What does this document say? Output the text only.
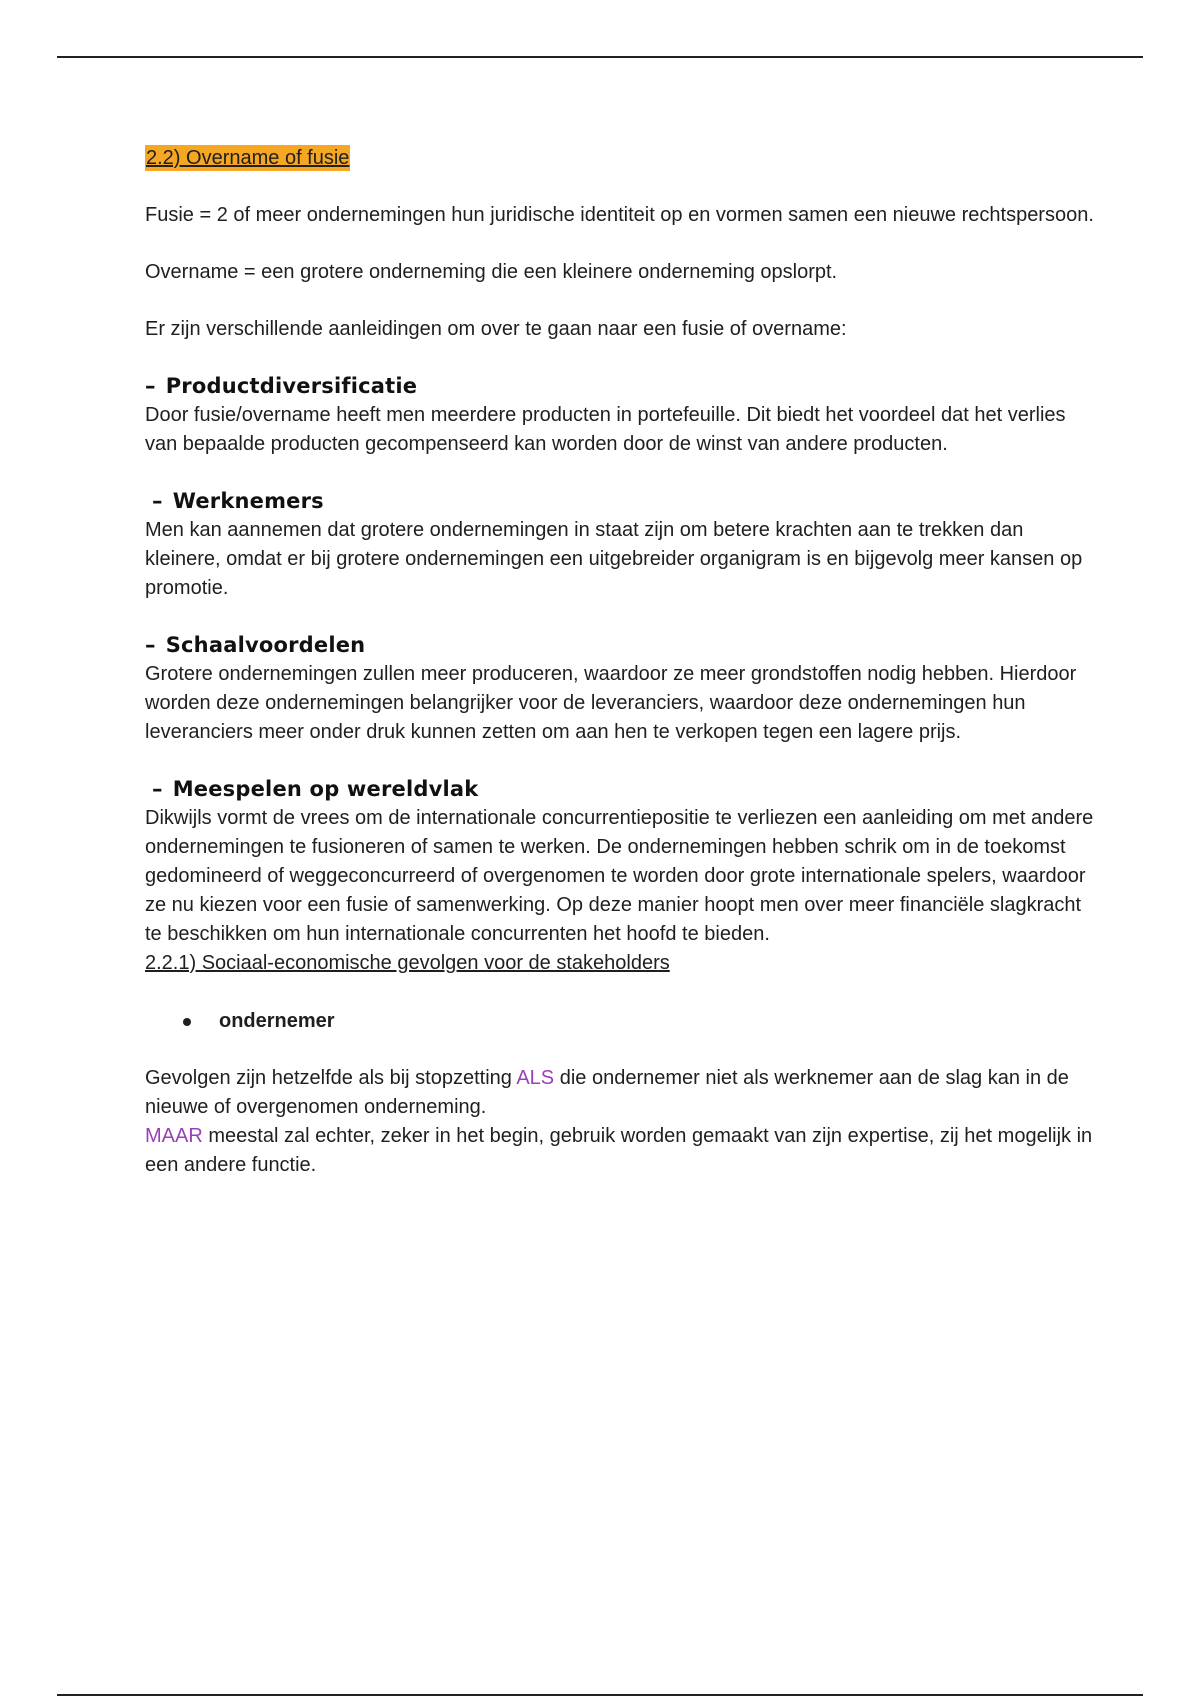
2.2) Overname of fusie

Fusie = 2 of meer ondernemingen hun juridische identiteit op en vormen samen een nieuwe rechtspersoon.

Overname = een grotere onderneming die een kleinere onderneming opslorpt.

Er zijn verschillende aanleidingen om over te gaan naar een fusie of overname:

– Productdiversificatie

Door fusie/overname heeft men meerdere producten in portefeuille. Dit biedt het voordeel dat het verlies van bepaalde producten gecompenseerd kan worden door de winst van andere producten.

– Werknemers

Men kan aannemen dat grotere ondernemingen in staat zijn om betere krachten aan te trekken dan kleinere, omdat er bij grotere ondernemingen een uitgebreider organigram is en bijgevolg meer kansen op promotie.

– Schaalvoordelen

Grotere ondernemingen zullen meer produceren, waardoor ze meer grondstoffen nodig hebben. Hierdoor worden deze ondernemingen belangrijker voor de leveranciers, waardoor deze ondernemingen hun leveranciers meer onder druk kunnen zetten om aan hen te verkopen tegen een lagere prijs.

– Meespelen op wereldvlak

Dikwijls vormt de vrees om de internationale concurrentiepositie te verliezen een aanleiding om met andere ondernemingen te fusioneren of samen te werken. De ondernemingen hebben schrik om in de toekomst gedomineerd of weggeconcurreerd of overgenomen te worden door grote internationale spelers, waardoor ze nu kiezen voor een fusie of samenwerking. Op deze manier hoopt men over meer financiële slagkracht te beschikken om hun internationale concurrenten het hoofd te bieden.

2.2.1) Sociaal-economische gevolgen voor de stakeholders

ondernemer

Gevolgen zijn hetzelfde als bij stopzetting ALS die ondernemer niet als werknemer aan de slag kan in de nieuwe of overgenomen onderneming.

MAAR meestal zal echter, zeker in het begin, gebruik worden gemaakt van zijn expertise, zij het mogelijk in een andere functie.
